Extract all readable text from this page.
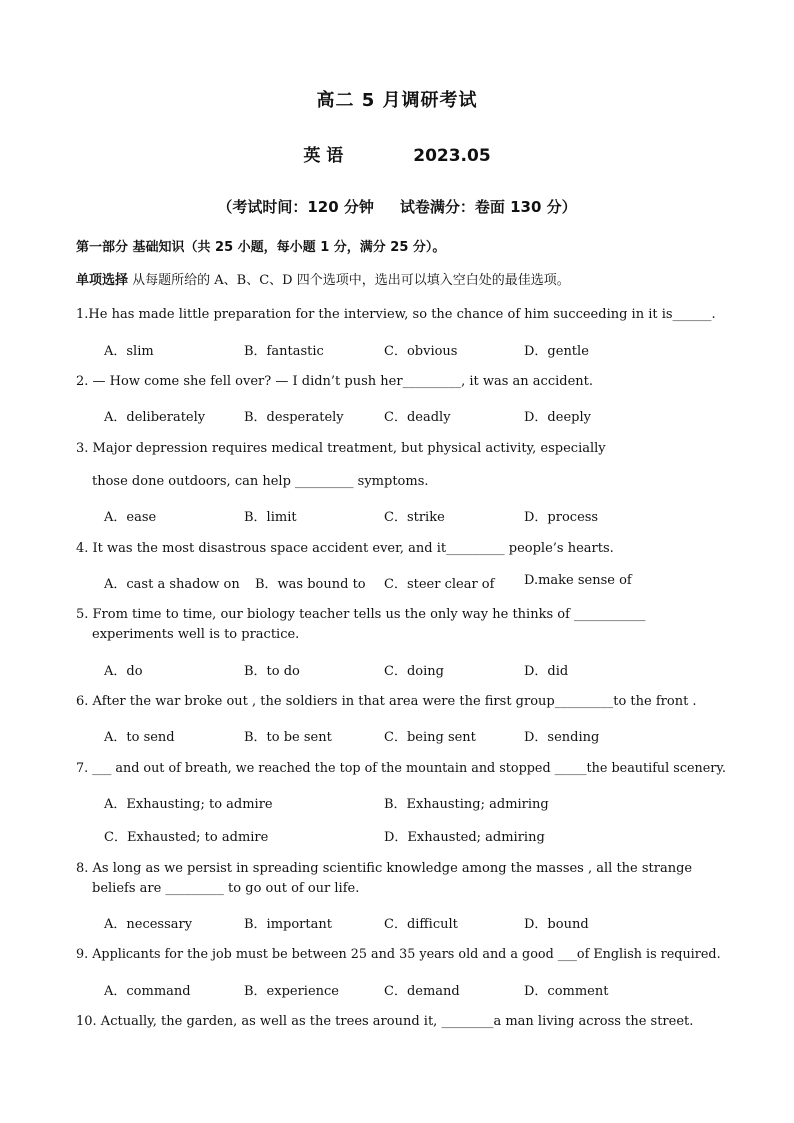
高二 5 月调研考试
英 语	2023.05
（考试时间：120 分钟 试卷满分：卷面 130 分）
第一部分 基础知识（共 25 小题，每小题 1 分，满分 25 分）。
单项选择 从每题所给的 A、B、C、D 四个选项中，选出可以填入空白处的最佳选项。
1.He has made little preparation for the interview, so the chance of him succeeding in it is______.
A．slim	B．fantastic	C．obvious	D．gentle
2. — How come she fell over? — I didn’t push her_________, it was an accident.
A．deliberately	B．desperately	C．deadly	D．deeply
3. Major depression requires medical treatment, but physical activity, especially
those done outdoors, can help _________ symptoms.
A．ease	B．limit	C．strike	D．process
4. It was the most disastrous space accident ever, and it_________ people’s hearts.
A．cast a shadow on B．was bound to C．steer clear of D.make sense of
5. From time to time, our biology teacher tells us the only way he thinks of ___________
experiments well is to practice.
A．do	B．to do	C．doing	D．did
6. After the war broke out , the soldiers in that area were the first group_________to the front .
A．to send	B．to be sent	C．being sent	D．sending
7. ___ and out of breath, we reached the top of the mountain and stopped _____the beautiful scenery.
A．Exhausting; to admire	B．Exhausting; admiring
C．Exhausted; to admire	D．Exhausted; admiring
8. As long as we persist in spreading scientific knowledge among the masses , all the strange
beliefs are _________ to go out of our life.
A．necessary	B．important	C．difficult	D．bound
9. Applicants for the job must be between 25 and 35 years old and a good ___of English is required.
A．command	B．experience	C．demand	D．comment
10. Actually, the garden, as well as the trees around it, ________a man living across the street.
